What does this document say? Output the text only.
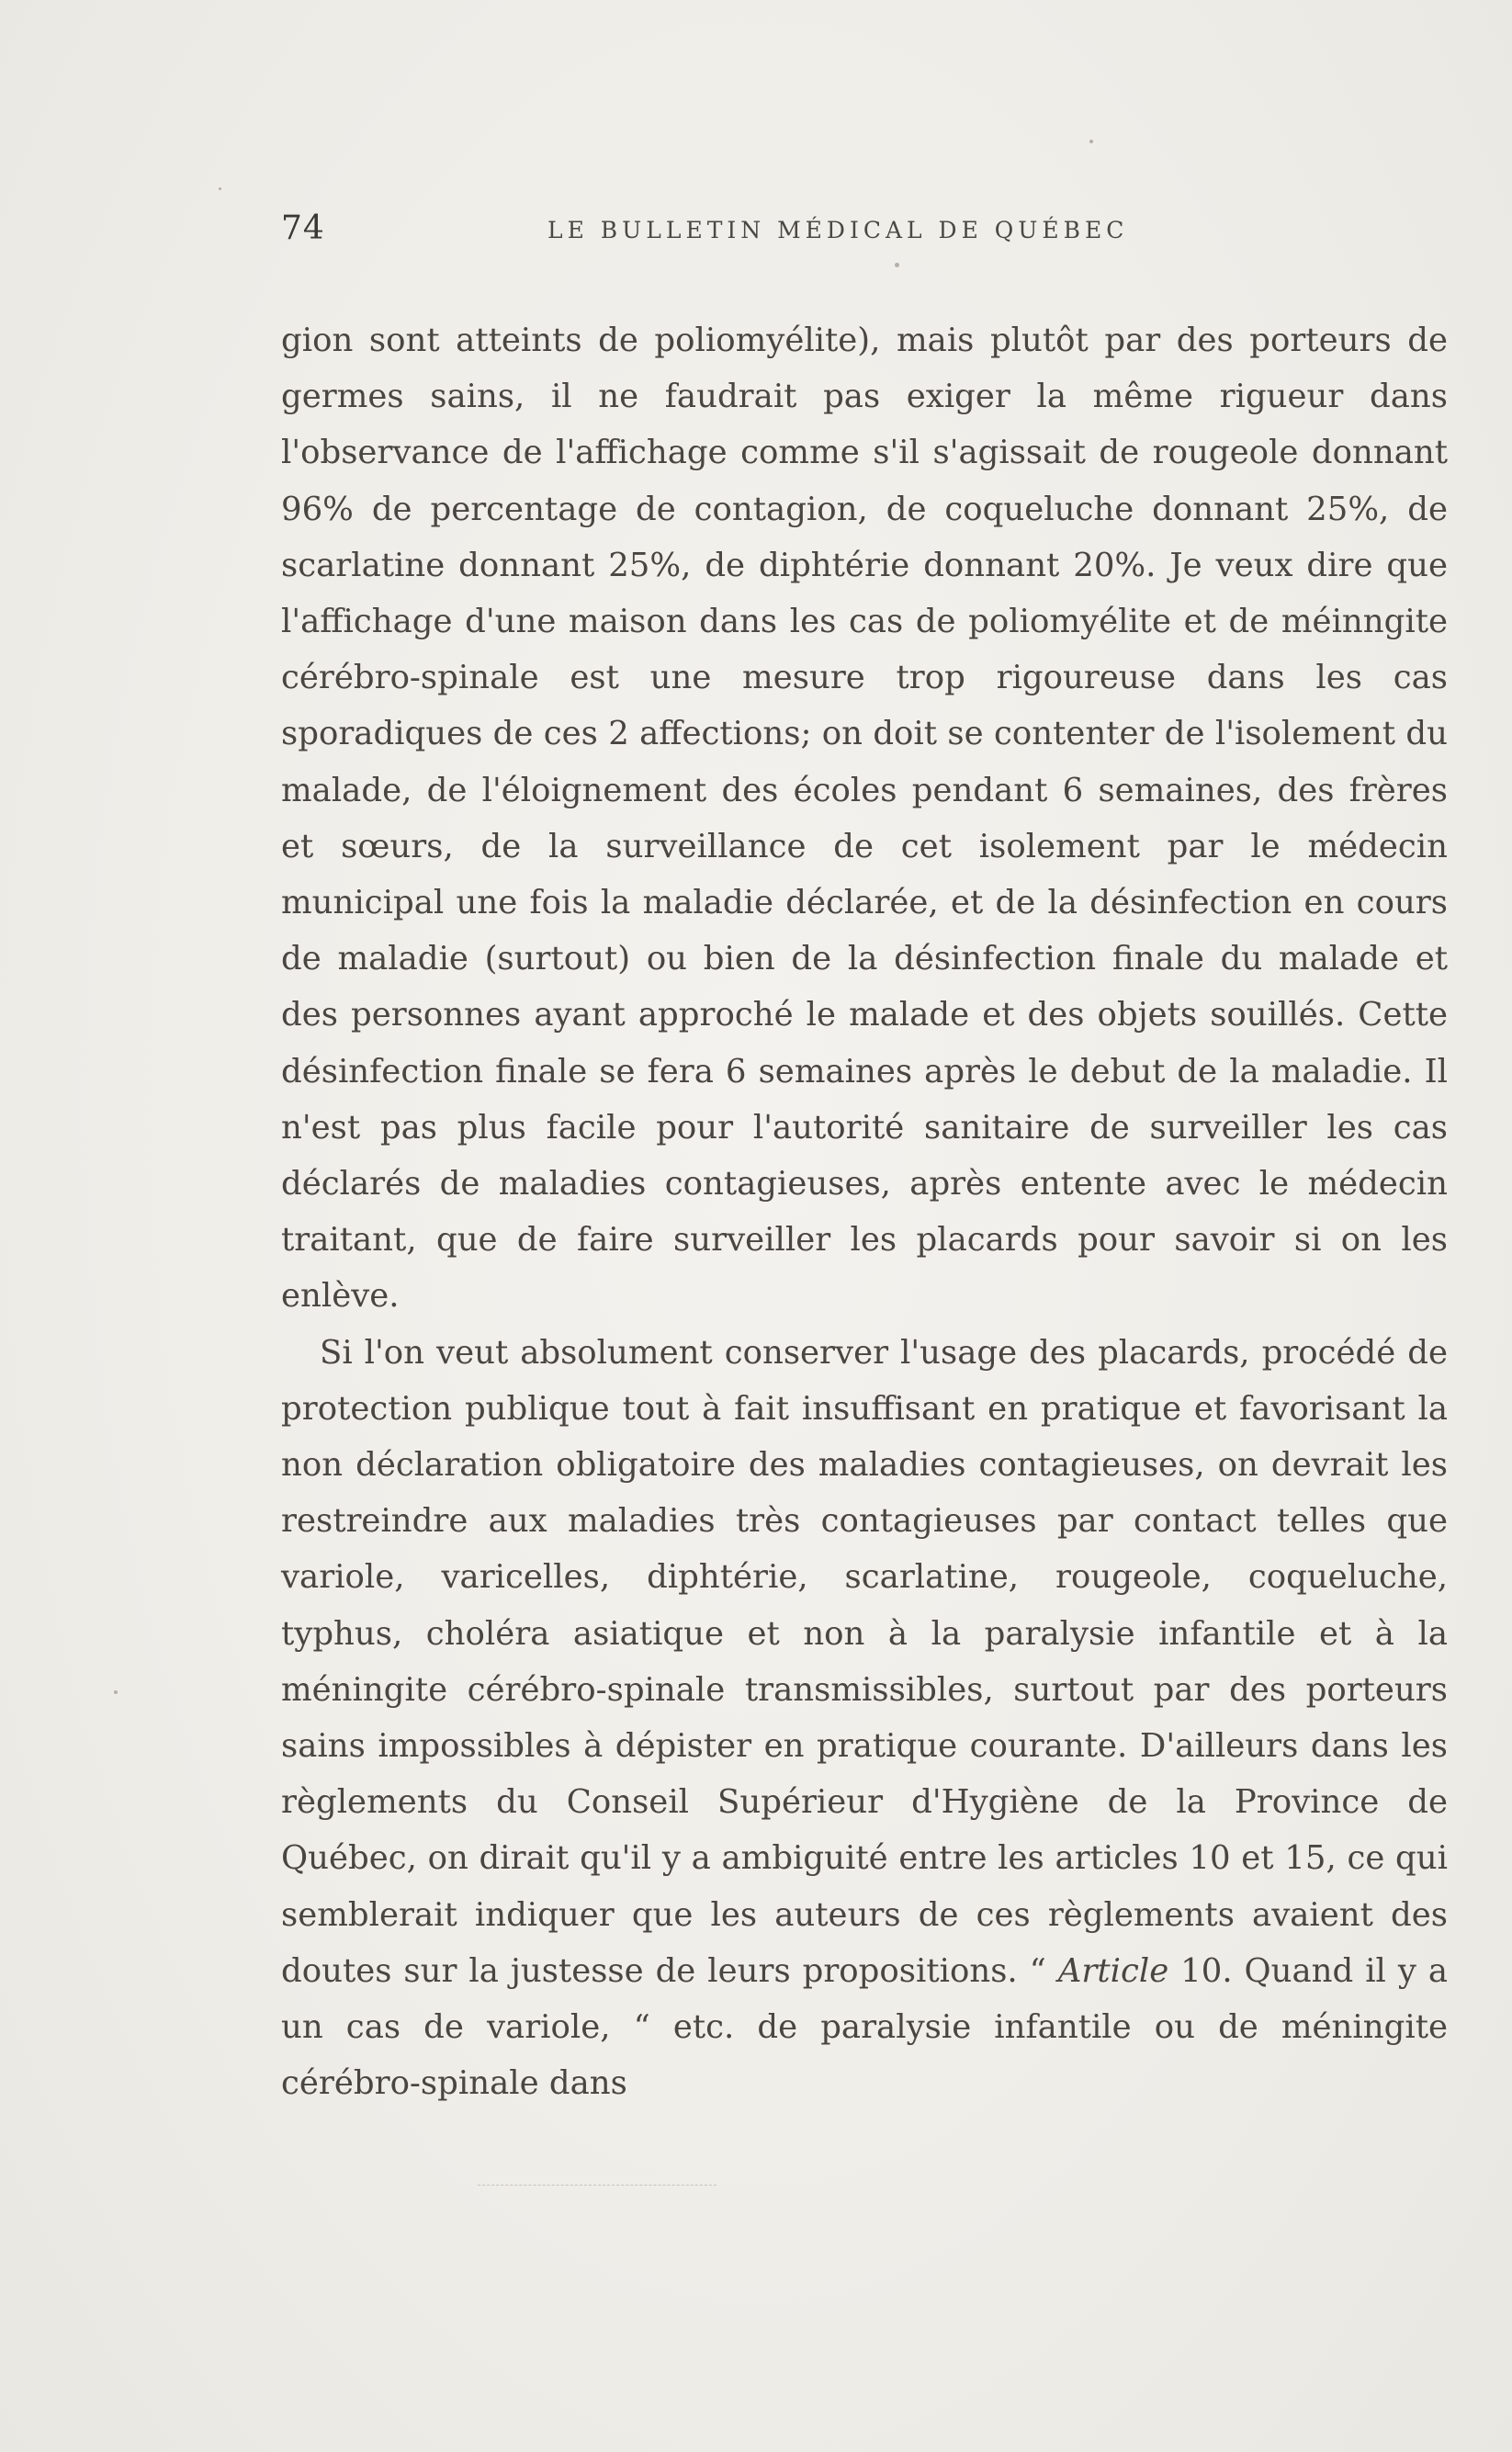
74	LE BULLETIN MÉDICAL DE QUÉBEC

gion sont atteints de poliomyélite), mais plutôt par des porteurs de germes sains, il ne faudrait pas exiger la même rigueur dans l'observance de l'affichage comme s'il s'agissait de rougeole donnant 96% de percentage de contagion, de coqueluche donnant 25%, de scarlatine donnant 25%, de diphtérie donnant 20%. Je veux dire que l'affichage d'une maison dans les cas de poliomyélite et de méinngite cérébro-spinale est une mesure trop rigoureuse dans les cas sporadiques de ces 2 affections; on doit se contenter de l'isolement du malade, de l'éloignement des écoles pendant 6 semaines, des frères et sœurs, de la surveillance de cet isolement par le médecin municipal une fois la maladie déclarée, et de la désinfection en cours de maladie (surtout) ou bien de la désinfection finale du malade et des personnes ayant approché le malade et des objets souillés. Cette désinfection finale se fera 6 semaines après le debut de la maladie. Il n'est pas plus facile pour l'autorité sanitaire de surveiller les cas déclarés de maladies contagieuses, après entente avec le médecin traitant, que de faire surveiller les placards pour savoir si on les enlève.

Si l'on veut absolument conserver l'usage des placards, procédé de protection publique tout à fait insuffisant en pratique et favorisant la non déclaration obligatoire des maladies contagieuses, on devrait les restreindre aux maladies très contagieuses par contact telles que variole, varicelles, diphtérie, scarlatine, rougeole, coqueluche, typhus, choléra asiatique et non à la paralysie infantile et à la méningite cérébro-spinale transmissibles, surtout par des porteurs sains impossibles à dépister en pratique courante. D'ailleurs dans les règlements du Conseil Supérieur d'Hygiène de la Province de Québec, on dirait qu'il y a ambiguité entre les articles 10 et 15, ce qui semblerait indiquer que les auteurs de ces règlements avaient des doutes sur la justesse de leurs propositions. “ Article 10. Quand il y a un cas de variole, “ etc. de paralysie infantile ou de méningite cérébro-spinale dans
